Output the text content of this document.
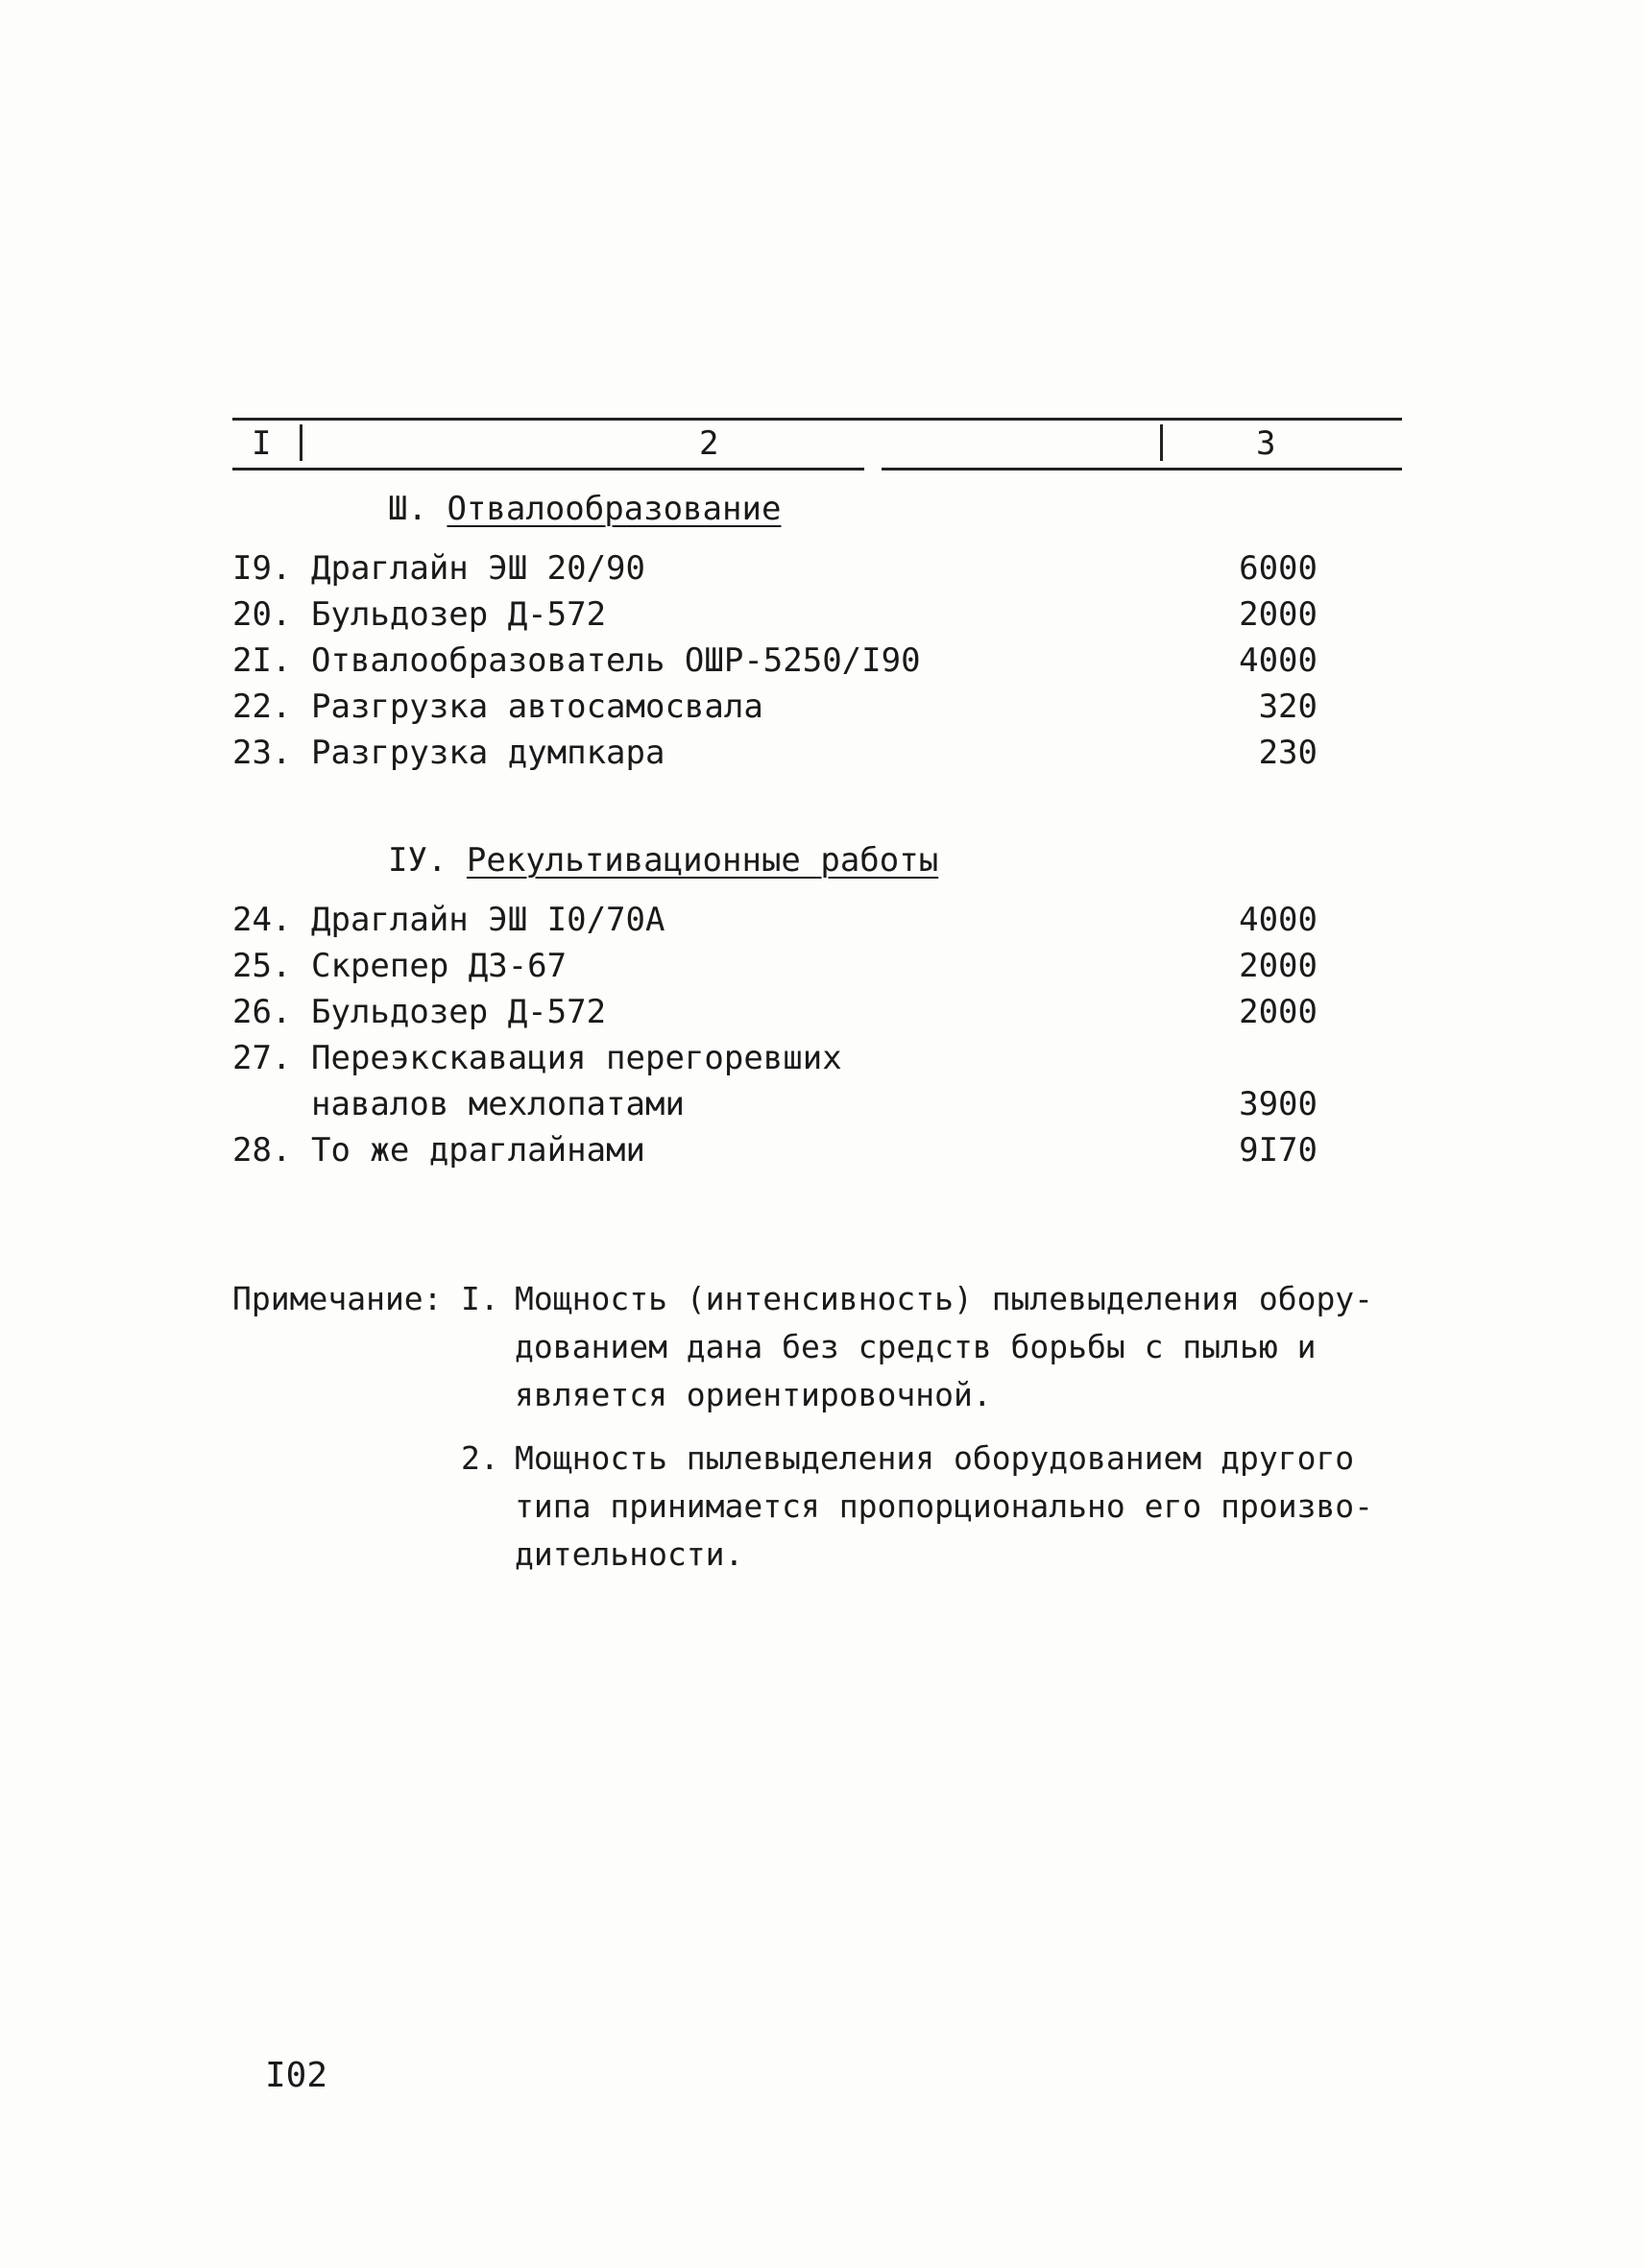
I	2	3
Ш. Отвалообразование
I9. Драглайн ЭШ 20/90	6000
20. Бульдозер Д-572	2000
2I. Отвалообразователь ОШР-5250/I90	4000
22. Разгрузка автосамосвала	320
23. Разгрузка думпкара	230
IУ. Рекультивационные работы
24. Драглайн ЭШ I0/70А	4000
25. Скрепер ДЗ-67	2000
26. Бульдозер Д-572	2000
27. Переэкскавация перегоревших
навалов мехлопатами	3900
28. То же драглайнами	9I70
Примечание: I. Мощность (интенсивность) пылевыделения обору-
дованием дана без средств борьбы с пылью и
является ориентировочной.
2. Мощность пылевыделения оборудованием другого
типа принимается пропорционально его произво-
дительности.
I02
